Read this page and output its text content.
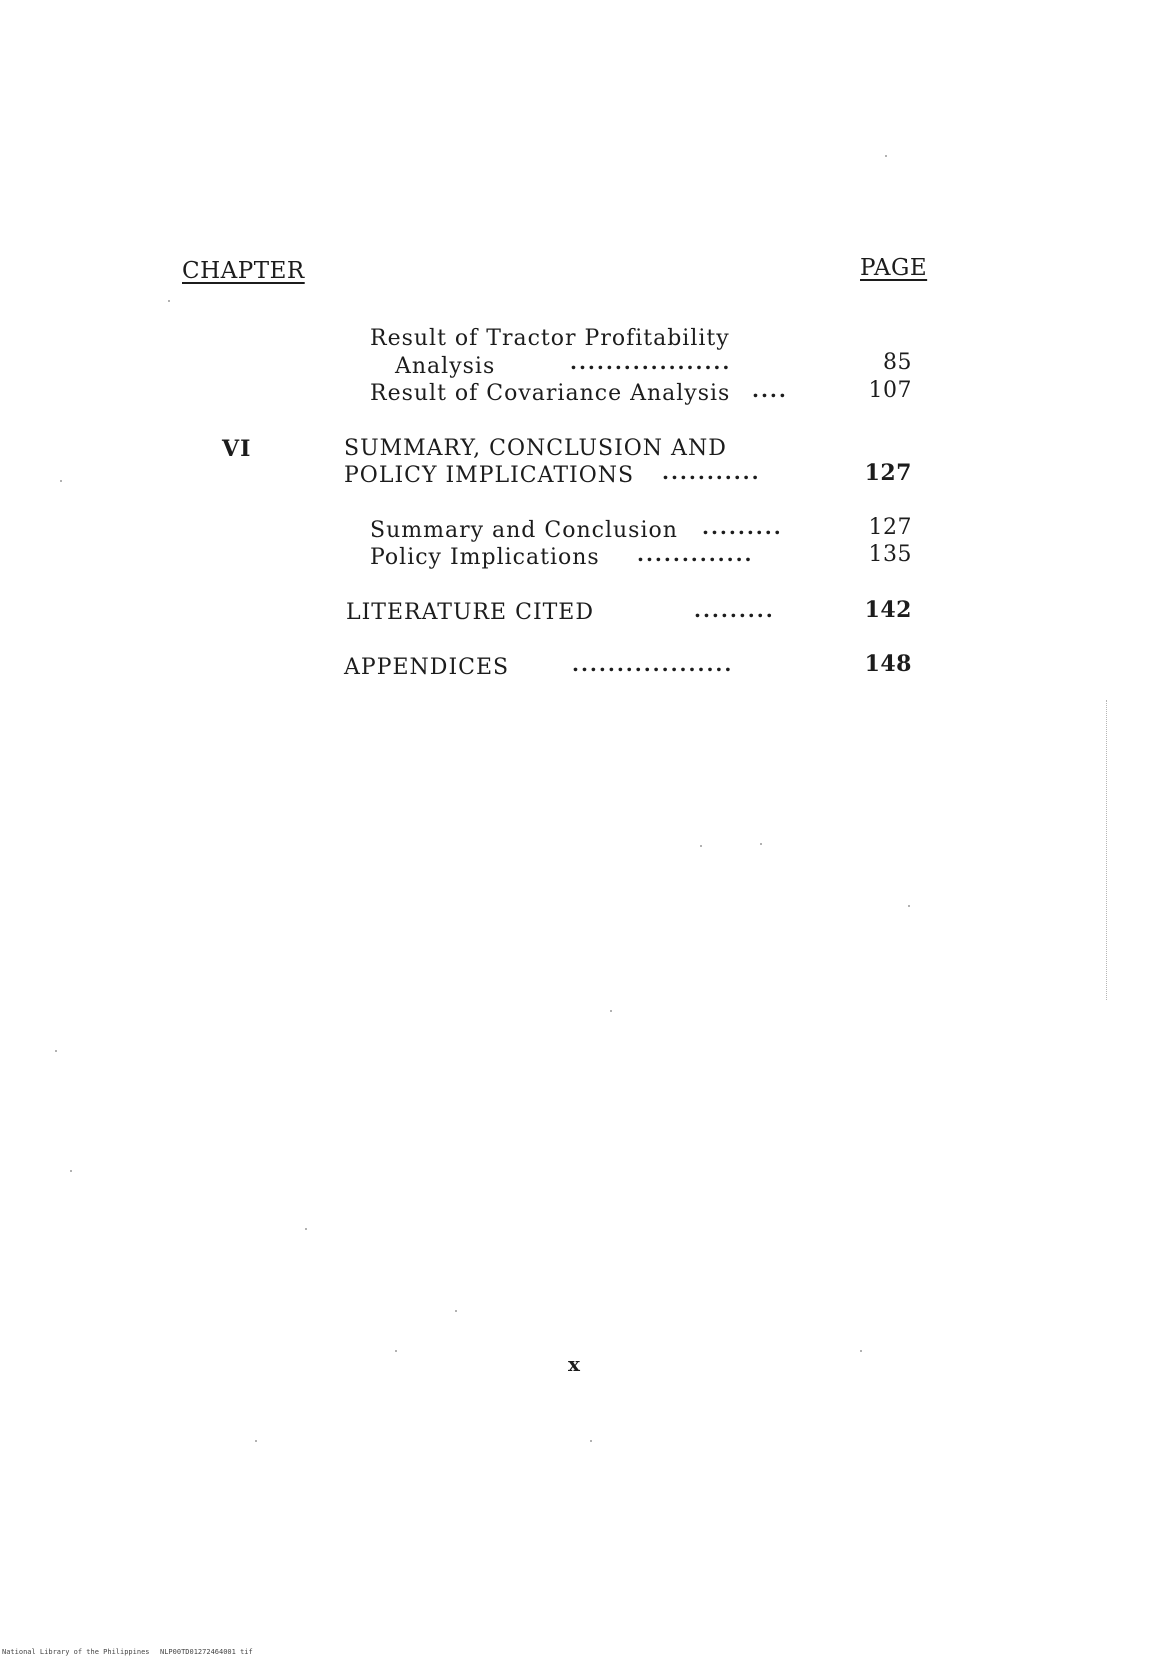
CHAPTER	PAGE
Result of Tractor Profitability
Analysis	..................	85
Result of Covariance Analysis ....	107
VI	SUMMARY, CONCLUSION AND
POLICY IMPLICATIONS ...........	127
Summary and Conclusion .........	127
Policy Implications .............	135
LITERATURE CITED	.........	142
APPENDICES	..................	148
x
National Library of the Philippines NLP00TD01272464001 tif
